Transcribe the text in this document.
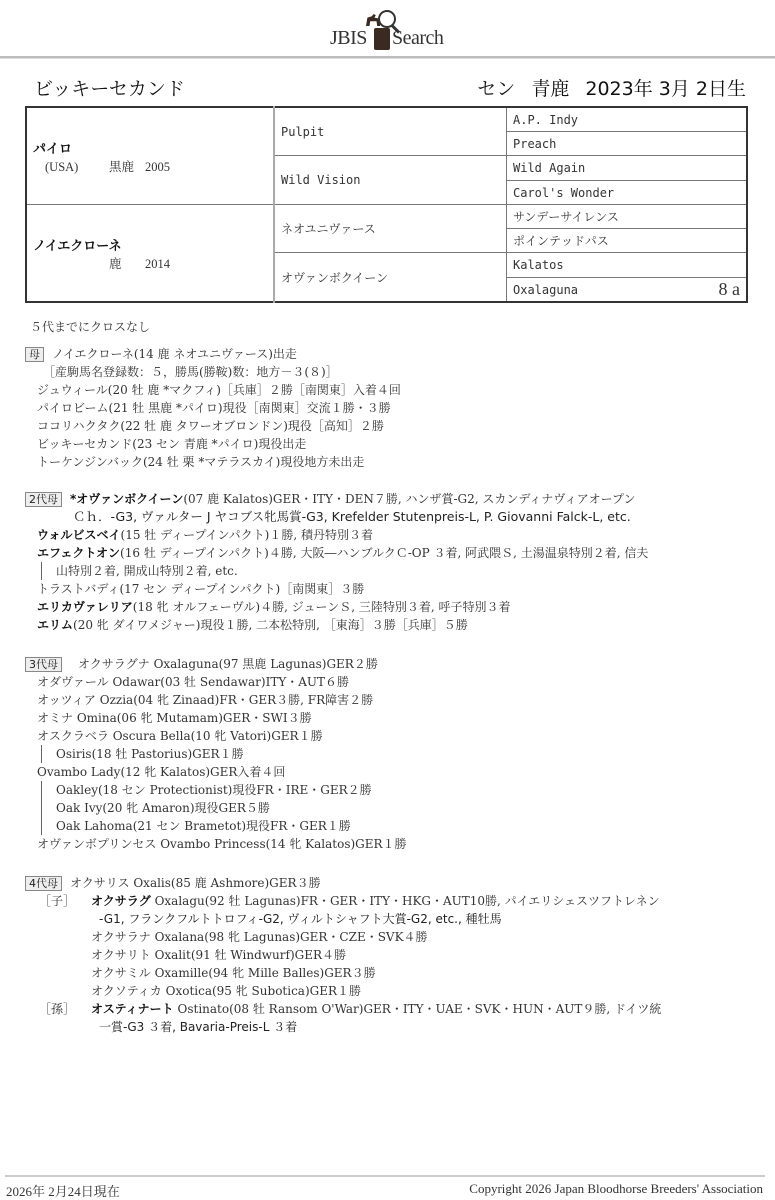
JBIS Search
ビッキーセカンド	セン 青鹿 2023年 3月 2日生
パイロ
(USA) 黒鹿 2005	Pulpit	A.P. Indy
		Preach
	Wild Vision	Wild Again
		Carol's Wonder

ノイエクローネ
鹿 2014	ネオユニヴァース	サンデーサイレンス
		ポインテッドパス
	オヴァンボクイーン	Kalatos
		Oxalaguna 8 a
５代までにクロスなし
母 ノイエクローネ(14 鹿 ネオユニヴァース)出走
［産駒馬名登録数：５，勝馬(勝鞍)数：地方－３(８)］
ジュウィール(20 牡 鹿 *マクフィ)［兵庫］２勝［南関東］入着４回
パイロビーム(21 牡 黒鹿 *パイロ)現役［南関東］交流１勝・３勝
ココリハクタク(22 牡 鹿 タワーオブロンドン)現役［高知］２勝
ビッキーセカンド(23 セン 青鹿 *パイロ)現役出走
トーケンジンバック(24 牡 栗 *マテラスカイ)現役地方未出走
2代母 *オヴァンボクイーン(07 鹿 Kalatos)GER・ITY・DEN７勝, ハンザ賞-G2, スカンディナヴィアオープン
Ｃｈ．-G3, ヴァルター J ヤコブス牝馬賞-G3, Krefelder Stutenpreis-L, P. Giovanni Falck-L, etc.
ウォルビスベイ(15 牡 ディープインパクト)１勝, 積丹特別３着
エフェクトオン(16 牡 ディープインパクト)４勝, 大阪―ハンブルクＣ-OP ３着, 阿武隈Ｓ, 土湯温泉特別２着, 信夫
山特別２着, 開成山特別２着, etc.
トラストバディ(17 セン ディープインパクト)［南関東］３勝
エリカヴァレリア(18 牝 オルフェーヴル)４勝, ジューンＳ, 三陸特別３着, 呼子特別３着
エリム(20 牝 ダイワメジャー)現役１勝, 二本松特別, ［東海］３勝［兵庫］５勝
3代母 オクサラグナ Oxalaguna(97 黒鹿 Lagunas)GER２勝
オダヴァール Odawar(03 牡 Sendawar)ITY・AUT６勝
オッツィア Ozzia(04 牝 Zinaad)FR・GER３勝, FR障害２勝
オミナ Omina(06 牝 Mutamam)GER・SWI３勝
オスクラベラ Oscura Bella(10 牝 Vatori)GER１勝
Osiris(18 牡 Pastorius)GER１勝
Ovambo Lady(12 牝 Kalatos)GER入着４回
Oakley(18 セン Protectionist)現役FR・IRE・GER２勝
Oak Ivy(20 牝 Amaron)現役GER５勝
Oak Lahoma(21 セン Brametot)現役FR・GER１勝
オヴァンボプリンセス Ovambo Princess(14 牝 Kalatos)GER１勝
4代母 オクサリス Oxalis(85 鹿 Ashmore)GER３勝
［子］ オクサラグ Oxalagu(92 牡 Lagunas)FR・GER・ITY・HKG・AUT10勝, パイエリシェスツフトレネン
-G1, フランクフルトトロフィ-G2, ヴィルトシャフト大賞-G2, etc., 種牡馬
オクサラナ Oxalana(98 牝 Lagunas)GER・CZE・SVK４勝
オクサリト Oxalit(91 牡 Windwurf)GER４勝
オクサミル Oxamille(94 牝 Mille Balles)GER３勝
オクソティカ Oxotica(95 牝 Subotica)GER１勝
［孫］ オスティナート Ostinato(08 牡 Ransom O'War)GER・ITY・UAE・SVK・HUN・AUT９勝, ドイツ統
一賞-G3 ３着, Bavaria-Preis-L ３着
2026年 2月24日現在	Copyright 2026 Japan Bloodhorse Breeders' Association
